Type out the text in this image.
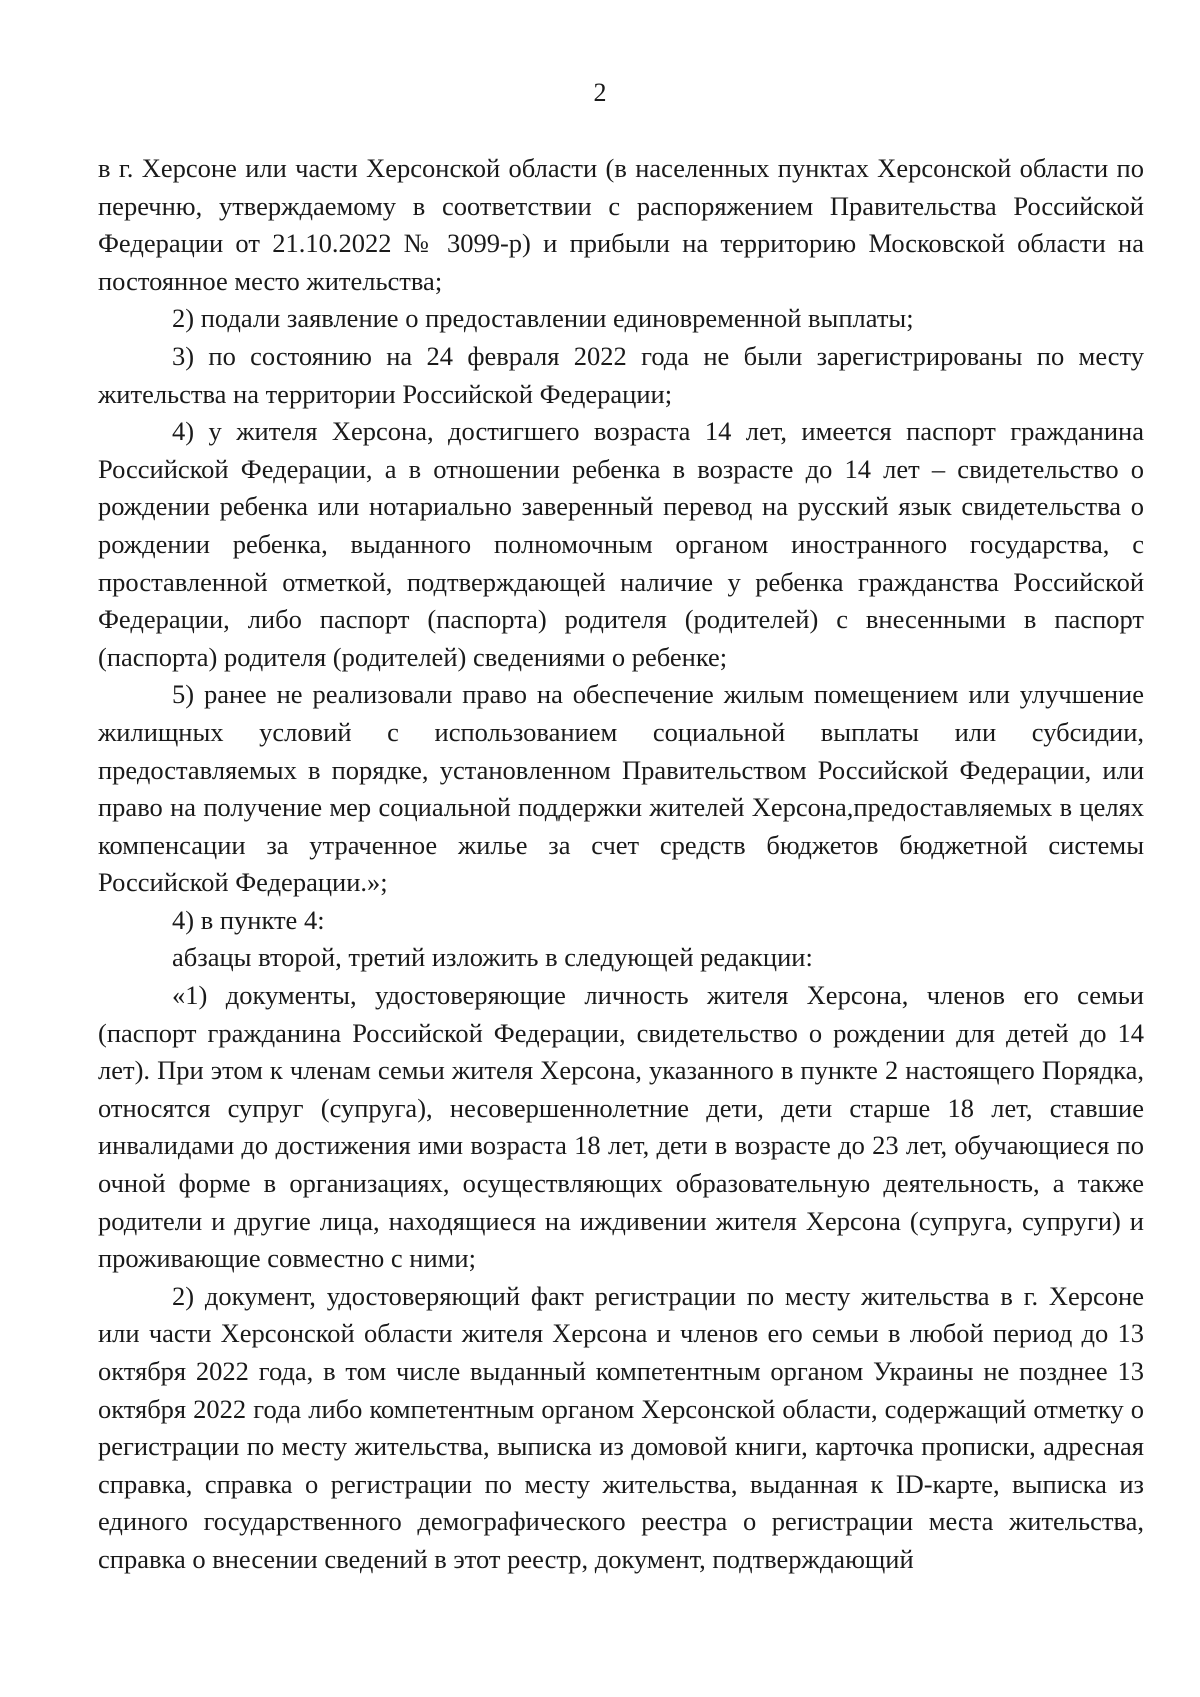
2

в г. Херсоне или части Херсонской области (в населенных пунктах Херсонской области по перечню, утверждаемому в соответствии с распоряжением Правительства Российской Федерации от 21.10.2022 № 3099-р) и прибыли на территорию Московской области на постоянное место жительства;

2) подали заявление о предоставлении единовременной выплаты;

3) по состоянию на 24 февраля 2022 года не были зарегистрированы по месту жительства на территории Российской Федерации;

4) у жителя Херсона, достигшего возраста 14 лет, имеется паспорт гражданина Российской Федерации, а в отношении ребенка в возрасте до 14 лет – свидетельство о рождении ребенка или нотариально заверенный перевод на русский язык свидетельства о рождении ребенка, выданного полномочным органом иностранного государства, с проставленной отметкой, подтверждающей наличие у ребенка гражданства Российской Федерации, либо паспорт (паспорта) родителя (родителей) с внесенными в паспорт (паспорта) родителя (родителей) сведениями о ребенке;

5) ранее не реализовали право на обеспечение жилым помещением или улучшение жилищных условий с использованием социальной выплаты или субсидии, предоставляемых в порядке, установленном Правительством Российской Федерации, или право на получение мер социальной поддержки жителей Херсона,предоставляемых в целях компенсации за утраченное жилье за счет средств бюджетов бюджетной системы Российской Федерации.»;

4) в пункте 4:

абзацы второй, третий изложить в следующей редакции:

«1) документы, удостоверяющие личность жителя Херсона, членов его семьи (паспорт гражданина Российской Федерации, свидетельство о рождении для детей до 14 лет). При этом к членам семьи жителя Херсона, указанного в пункте 2 настоящего Порядка, относятся супруг (супруга), несовершеннолетние дети, дети старше 18 лет, ставшие инвалидами до достижения ими возраста 18 лет, дети в возрасте до 23 лет, обучающиеся по очной форме в организациях, осуществляющих образовательную деятельность, а также родители и другие лица, находящиеся на иждивении жителя Херсона (супруга, супруги) и проживающие совместно с ними;

2) документ, удостоверяющий факт регистрации по месту жительства в г. Херсоне или части Херсонской области жителя Херсона и членов его семьи в любой период до 13 октября 2022 года, в том числе выданный компетентным органом Украины не позднее 13 октября 2022 года либо компетентным органом Херсонской области, содержащий отметку о регистрации по месту жительства, выписка из домовой книги, карточка прописки, адресная справка, справка о регистрации по месту жительства, выданная к ID-карте, выписка из единого государственного демографического реестра о регистрации места жительства, справка о внесении сведений в этот реестр, документ, подтверждающий
